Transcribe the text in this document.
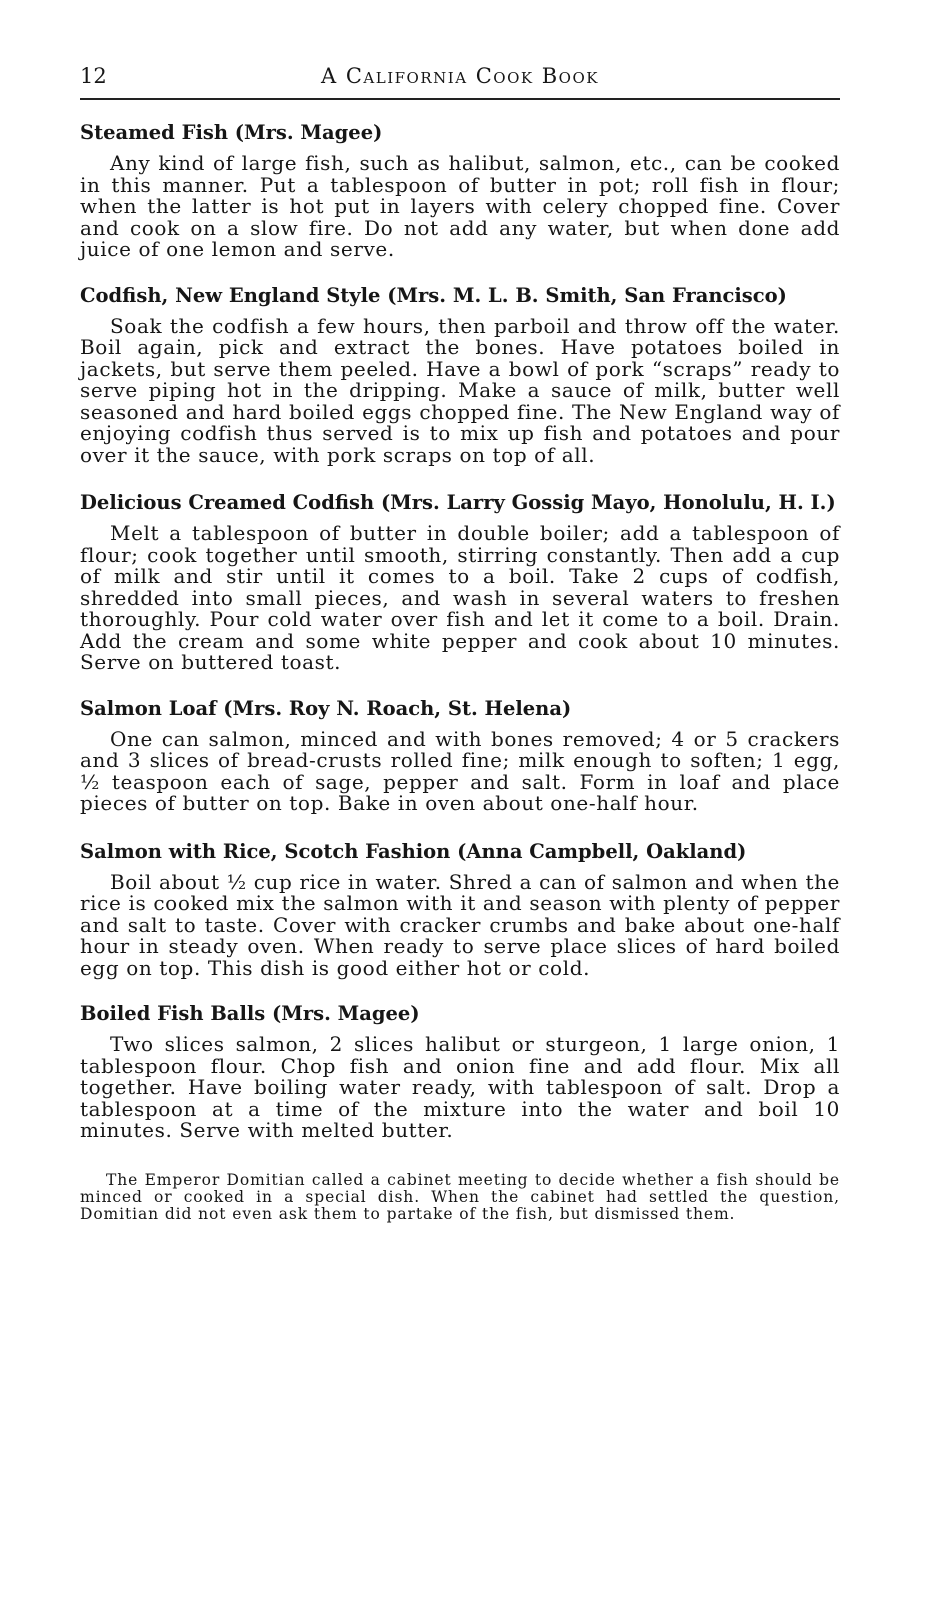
12	A California Cook Book

Steamed Fish (Mrs. Magee)

Any kind of large fish, such as halibut, salmon, etc., can be cooked in this manner. Put a tablespoon of butter in pot; roll fish in flour; when the latter is hot put in layers with celery chopped fine. Cover and cook on a slow fire. Do not add any water, but when done add juice of one lemon and serve.

Codfish, New England Style (Mrs. M. L. B. Smith, San Francisco)

Soak the codfish a few hours, then parboil and throw off the water. Boil again, pick and extract the bones. Have potatoes boiled in jackets, but serve them peeled. Have a bowl of pork “scraps” ready to serve piping hot in the dripping. Make a sauce of milk, butter well seasoned and hard boiled eggs chopped fine. The New England way of enjoying codfish thus served is to mix up fish and potatoes and pour over it the sauce, with pork scraps on top of all.

Delicious Creamed Codfish (Mrs. Larry Gossig Mayo, Honolulu, H. I.)

Melt a tablespoon of butter in double boiler; add a tablespoon of flour; cook together until smooth, stirring constantly. Then add a cup of milk and stir until it comes to a boil. Take 2 cups of codfish, shredded into small pieces, and wash in several waters to freshen thoroughly. Pour cold water over fish and let it come to a boil. Drain. Add the cream and some white pepper and cook about 10 minutes. Serve on buttered toast.

Salmon Loaf (Mrs. Roy N. Roach, St. Helena)

One can salmon, minced and with bones removed; 4 or 5 crackers and 3 slices of bread-crusts rolled fine; milk enough to soften; 1 egg, ½ teaspoon each of sage, pepper and salt. Form in loaf and place pieces of butter on top. Bake in oven about one-half hour.

Salmon with Rice, Scotch Fashion (Anna Campbell, Oakland)

Boil about ½ cup rice in water. Shred a can of salmon and when the rice is cooked mix the salmon with it and season with plenty of pepper and salt to taste. Cover with cracker crumbs and bake about one-half hour in steady oven. When ready to serve place slices of hard boiled egg on top. This dish is good either hot or cold.

Boiled Fish Balls (Mrs. Magee)

Two slices salmon, 2 slices halibut or sturgeon, 1 large onion, 1 tablespoon flour. Chop fish and onion fine and add flour. Mix all together. Have boiling water ready, with tablespoon of salt. Drop a tablespoon at a time of the mixture into the water and boil 10 minutes. Serve with melted butter.

The Emperor Domitian called a cabinet meeting to decide whether a fish should be minced or cooked in a special dish. When the cabinet had settled the question, Domitian did not even ask them to partake of the fish, but dismissed them.
